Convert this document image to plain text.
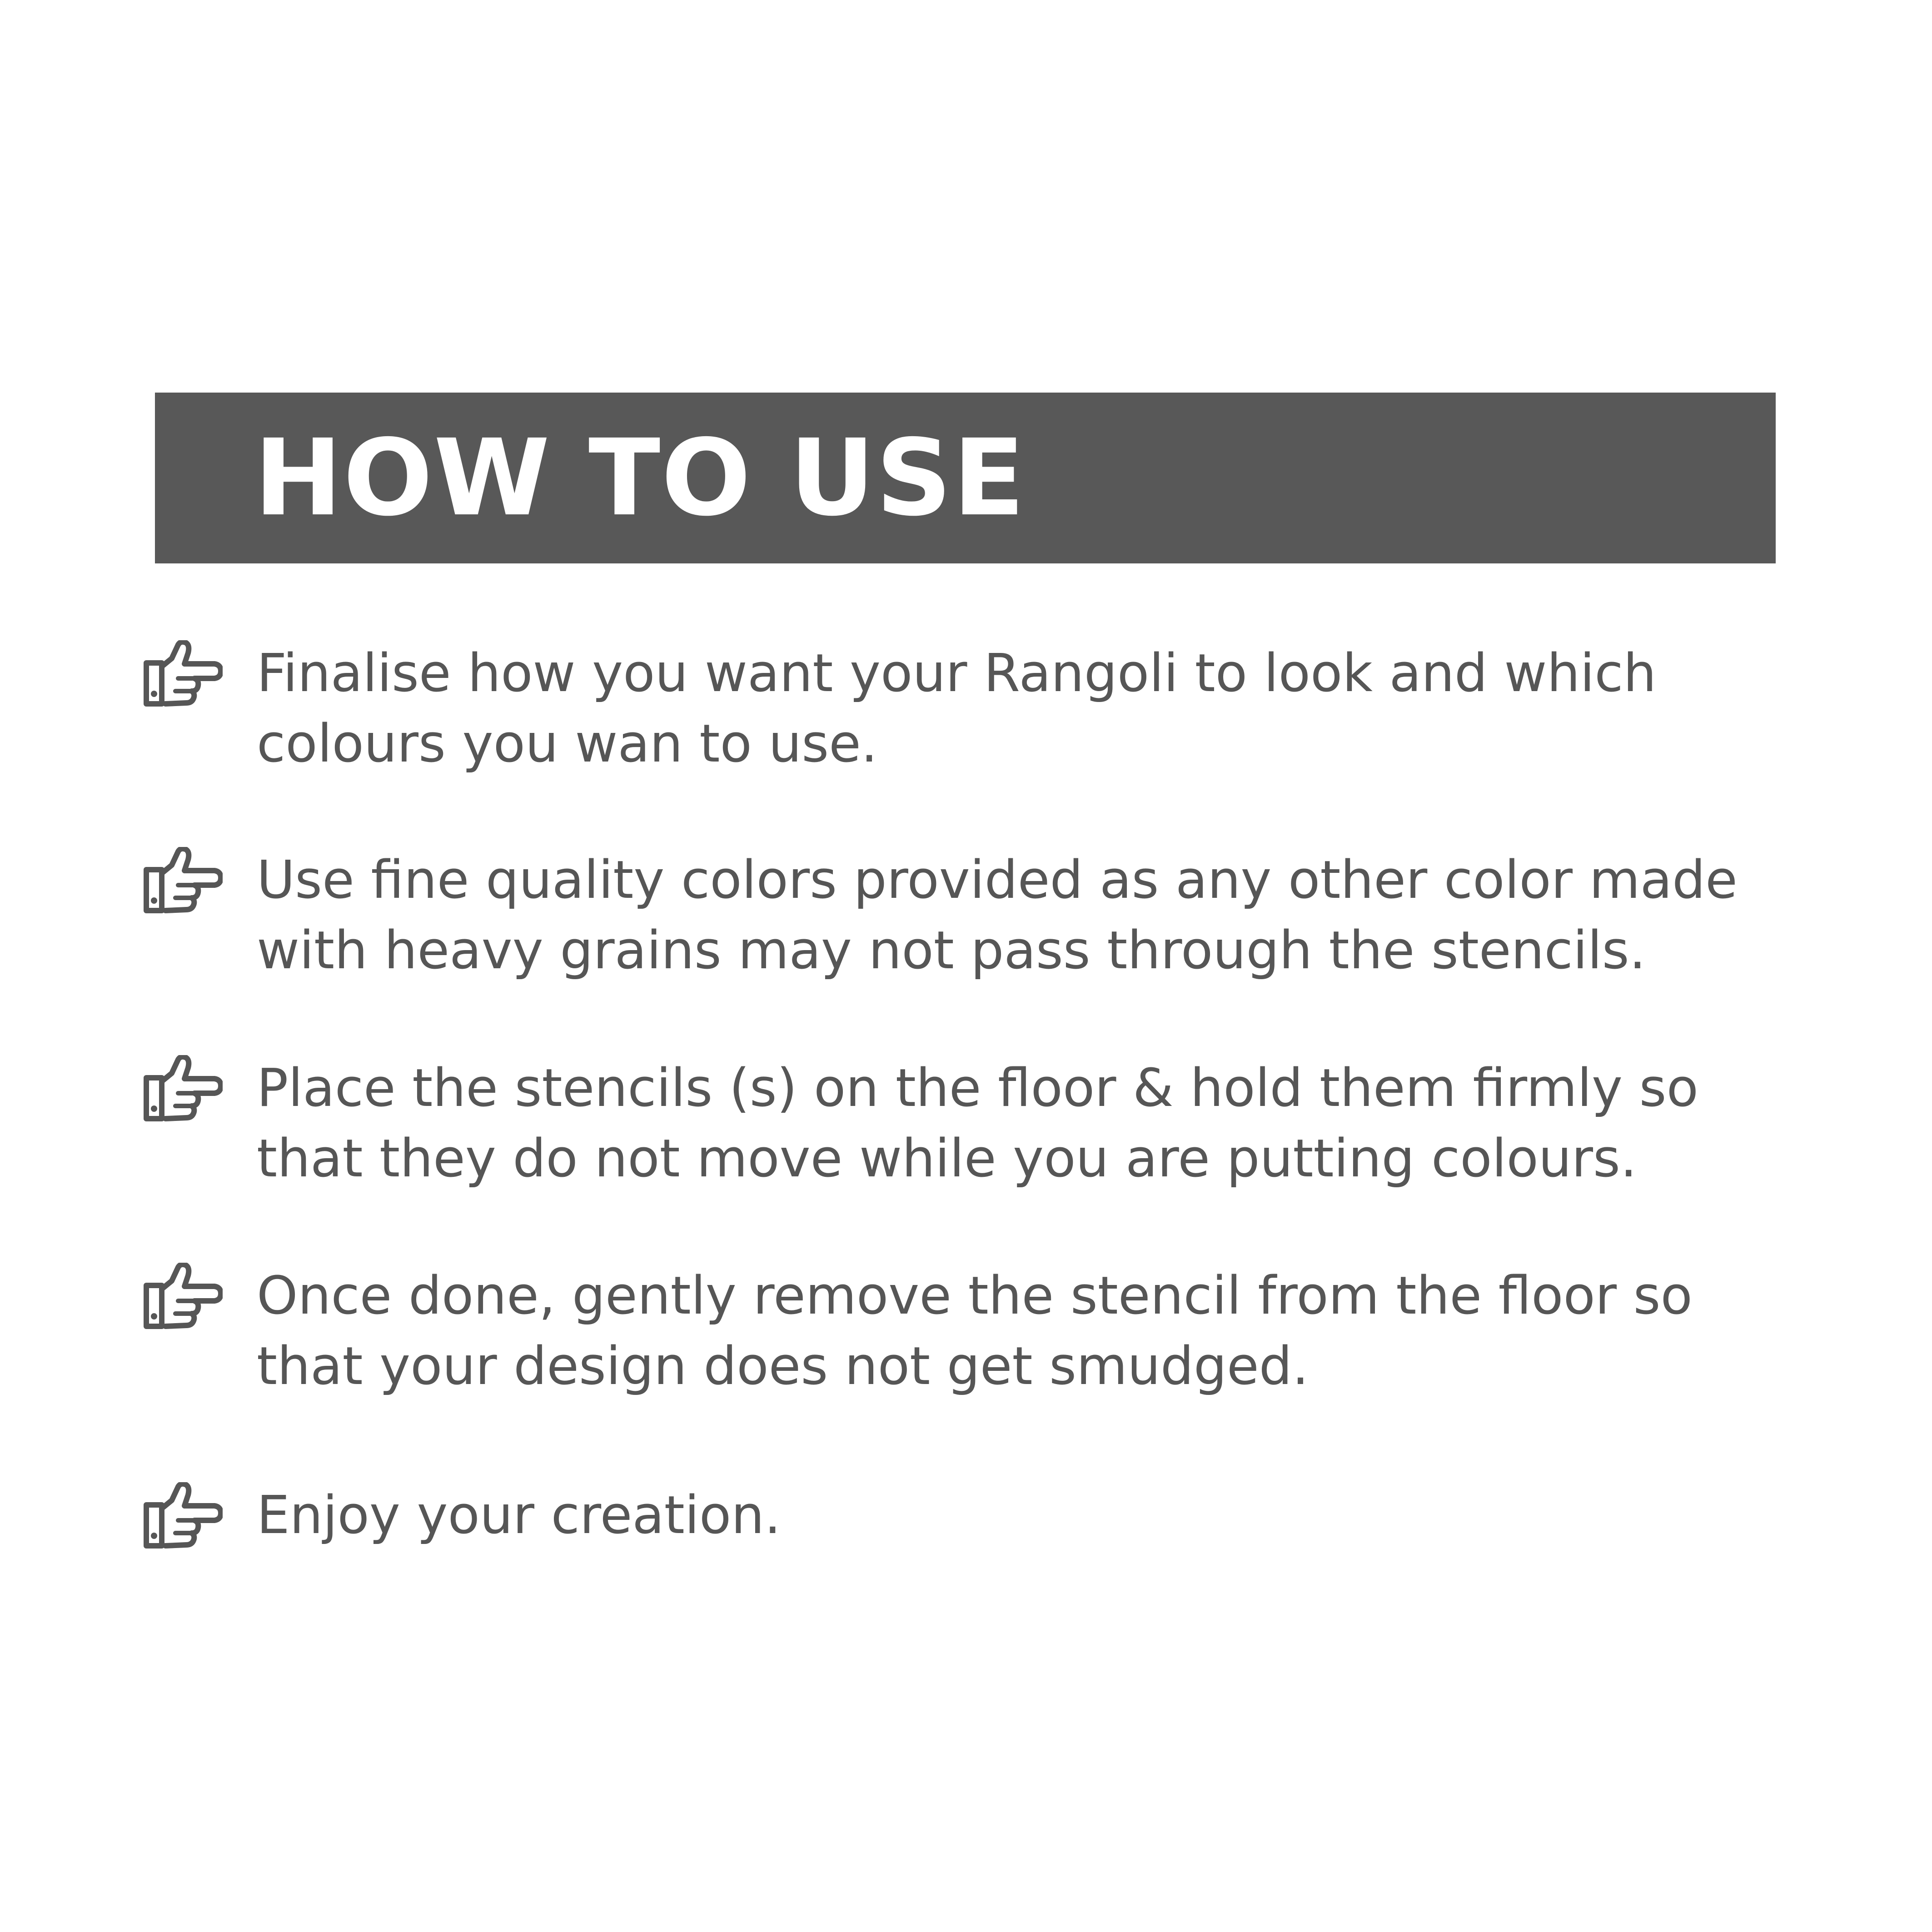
HOW TO USE
Finalise how you want your Rangoli to look and which
colours you wan to use.
Use fine quality colors provided as any other color made
with heavy grains may not pass through the stencils.
Place the stencils (s) on the floor & hold them firmly so
that they do not move while you are putting colours.
Once done, gently remove the stencil from the floor so
that your design does not get smudged.
Enjoy your creation.
